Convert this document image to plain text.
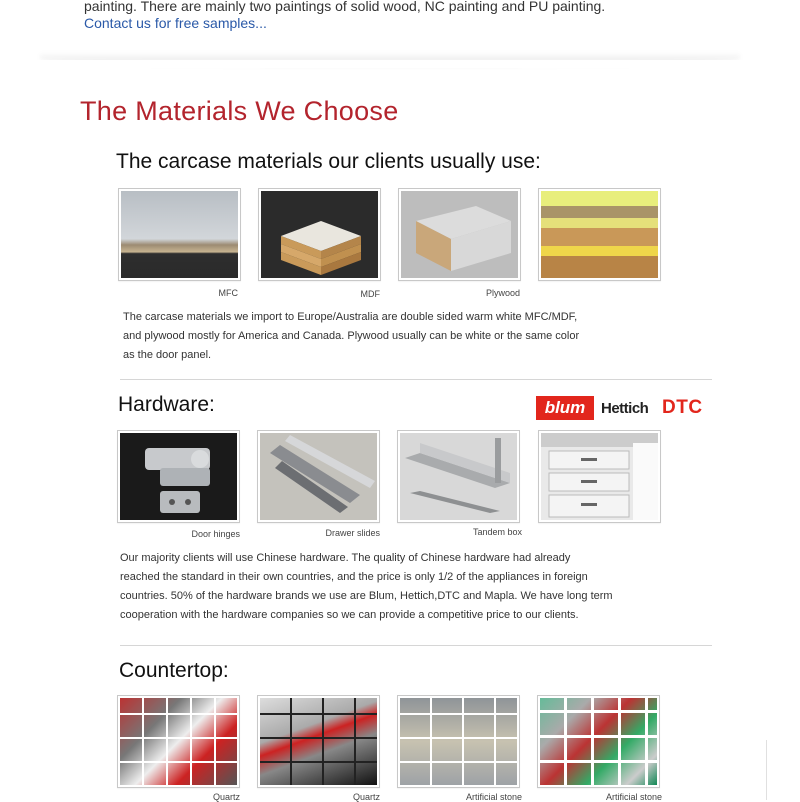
painting. There are mainly two paintings of solid wood, NC painting and PU painting.
Contact us for free samples...
The Materials We Choose
The carcase materials our clients usually use:
MFC	MDF	Plywood
The carcase materials we import to Europe/Australia are double sided warm white MFC/MDF,
and plywood mostly for America and Canada. Plywood usually can be white or the same color
as the door panel.
Hardware:	blum	Hettich DTC
Door hinges	Drawer slides	Tandem box
Our majority clients will use Chinese hardware. The quality of Chinese hardware had already
reached the standard in their own countries, and the price is only 1/2 of the appliances in foreign
countries. 50% of the hardware brands we use are Blum, Hettich,DTC and Mapla. We have long term
cooperation with the hardware companies so we can provide a competitive price to our clients.
Countertop:
Quartz	Quartz	Artificial stone	Artificial stone
